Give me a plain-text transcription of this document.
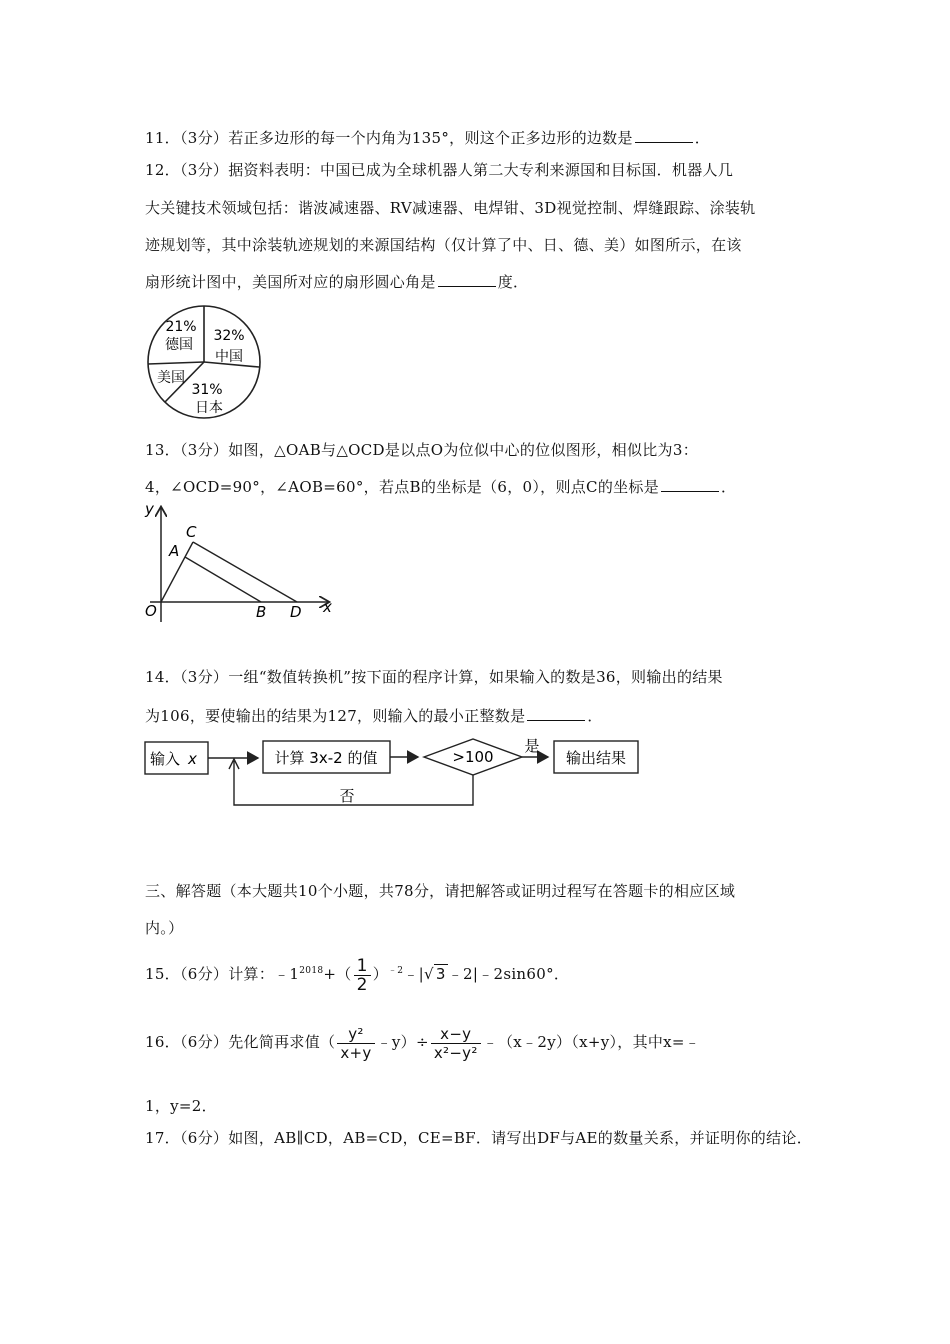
11．（3分）若正多边形的每一个内角为135°，则这个正多边形的边数是	．
12．（3分）据资料表明：中国已成为全球机器人第二大专利来源国和目标国．机器人几
大关键技术领域包括：谐波减速器、RV减速器、电焊钳、3D视觉控制、焊缝跟踪、涂装轨
迹规划等，其中涂装轨迹规划的来源国结构（仅计算了中、日、德、美）如图所示，在该
扇形统计图中，美国所对应的扇形圆心角是	度．
32%
中国
31%
日本
美国
21%
德国
13．（3分）如图，△OAB与△OCD是以点O为位似中心的位似图形，相似比为3：
4，∠OCD=90°，∠AOB=60°，若点B的坐标是（6，0），则点C的坐标是	．
y
x
O
A
C
B D
14．（3分）一组“数值转换机”按下面的程序计算，如果输入的数是36，则输出的结果
为106，要使输出的结果为127，则输入的最小正整数是	．
输入 x	计算 3x-2 的值	>100
是
输出结果
否
三、解答题（本大题共10个小题，共78分，请把解答或证明过程写在答题卡的相应区域
内。）
15．（6分）计算：$﹣1^{2018}+( \frac{1}{2}$ ）$^{﹣2}$﹣|√ 3 ﹣2|﹣2sin60°．
16．（6分）先化简再求值（ $\frac{\text{y²}}{x+y}$ ﹣y）÷ $\frac{x-y}{\text{x²−y²}}$ ﹣（x﹣2y）（x+y），其中x=﹣
1，y=2．
17．（6分）如图，AB∥CD，AB=CD，CE=BF．请写出DF与AE的数量关系，并证明你的结论．
